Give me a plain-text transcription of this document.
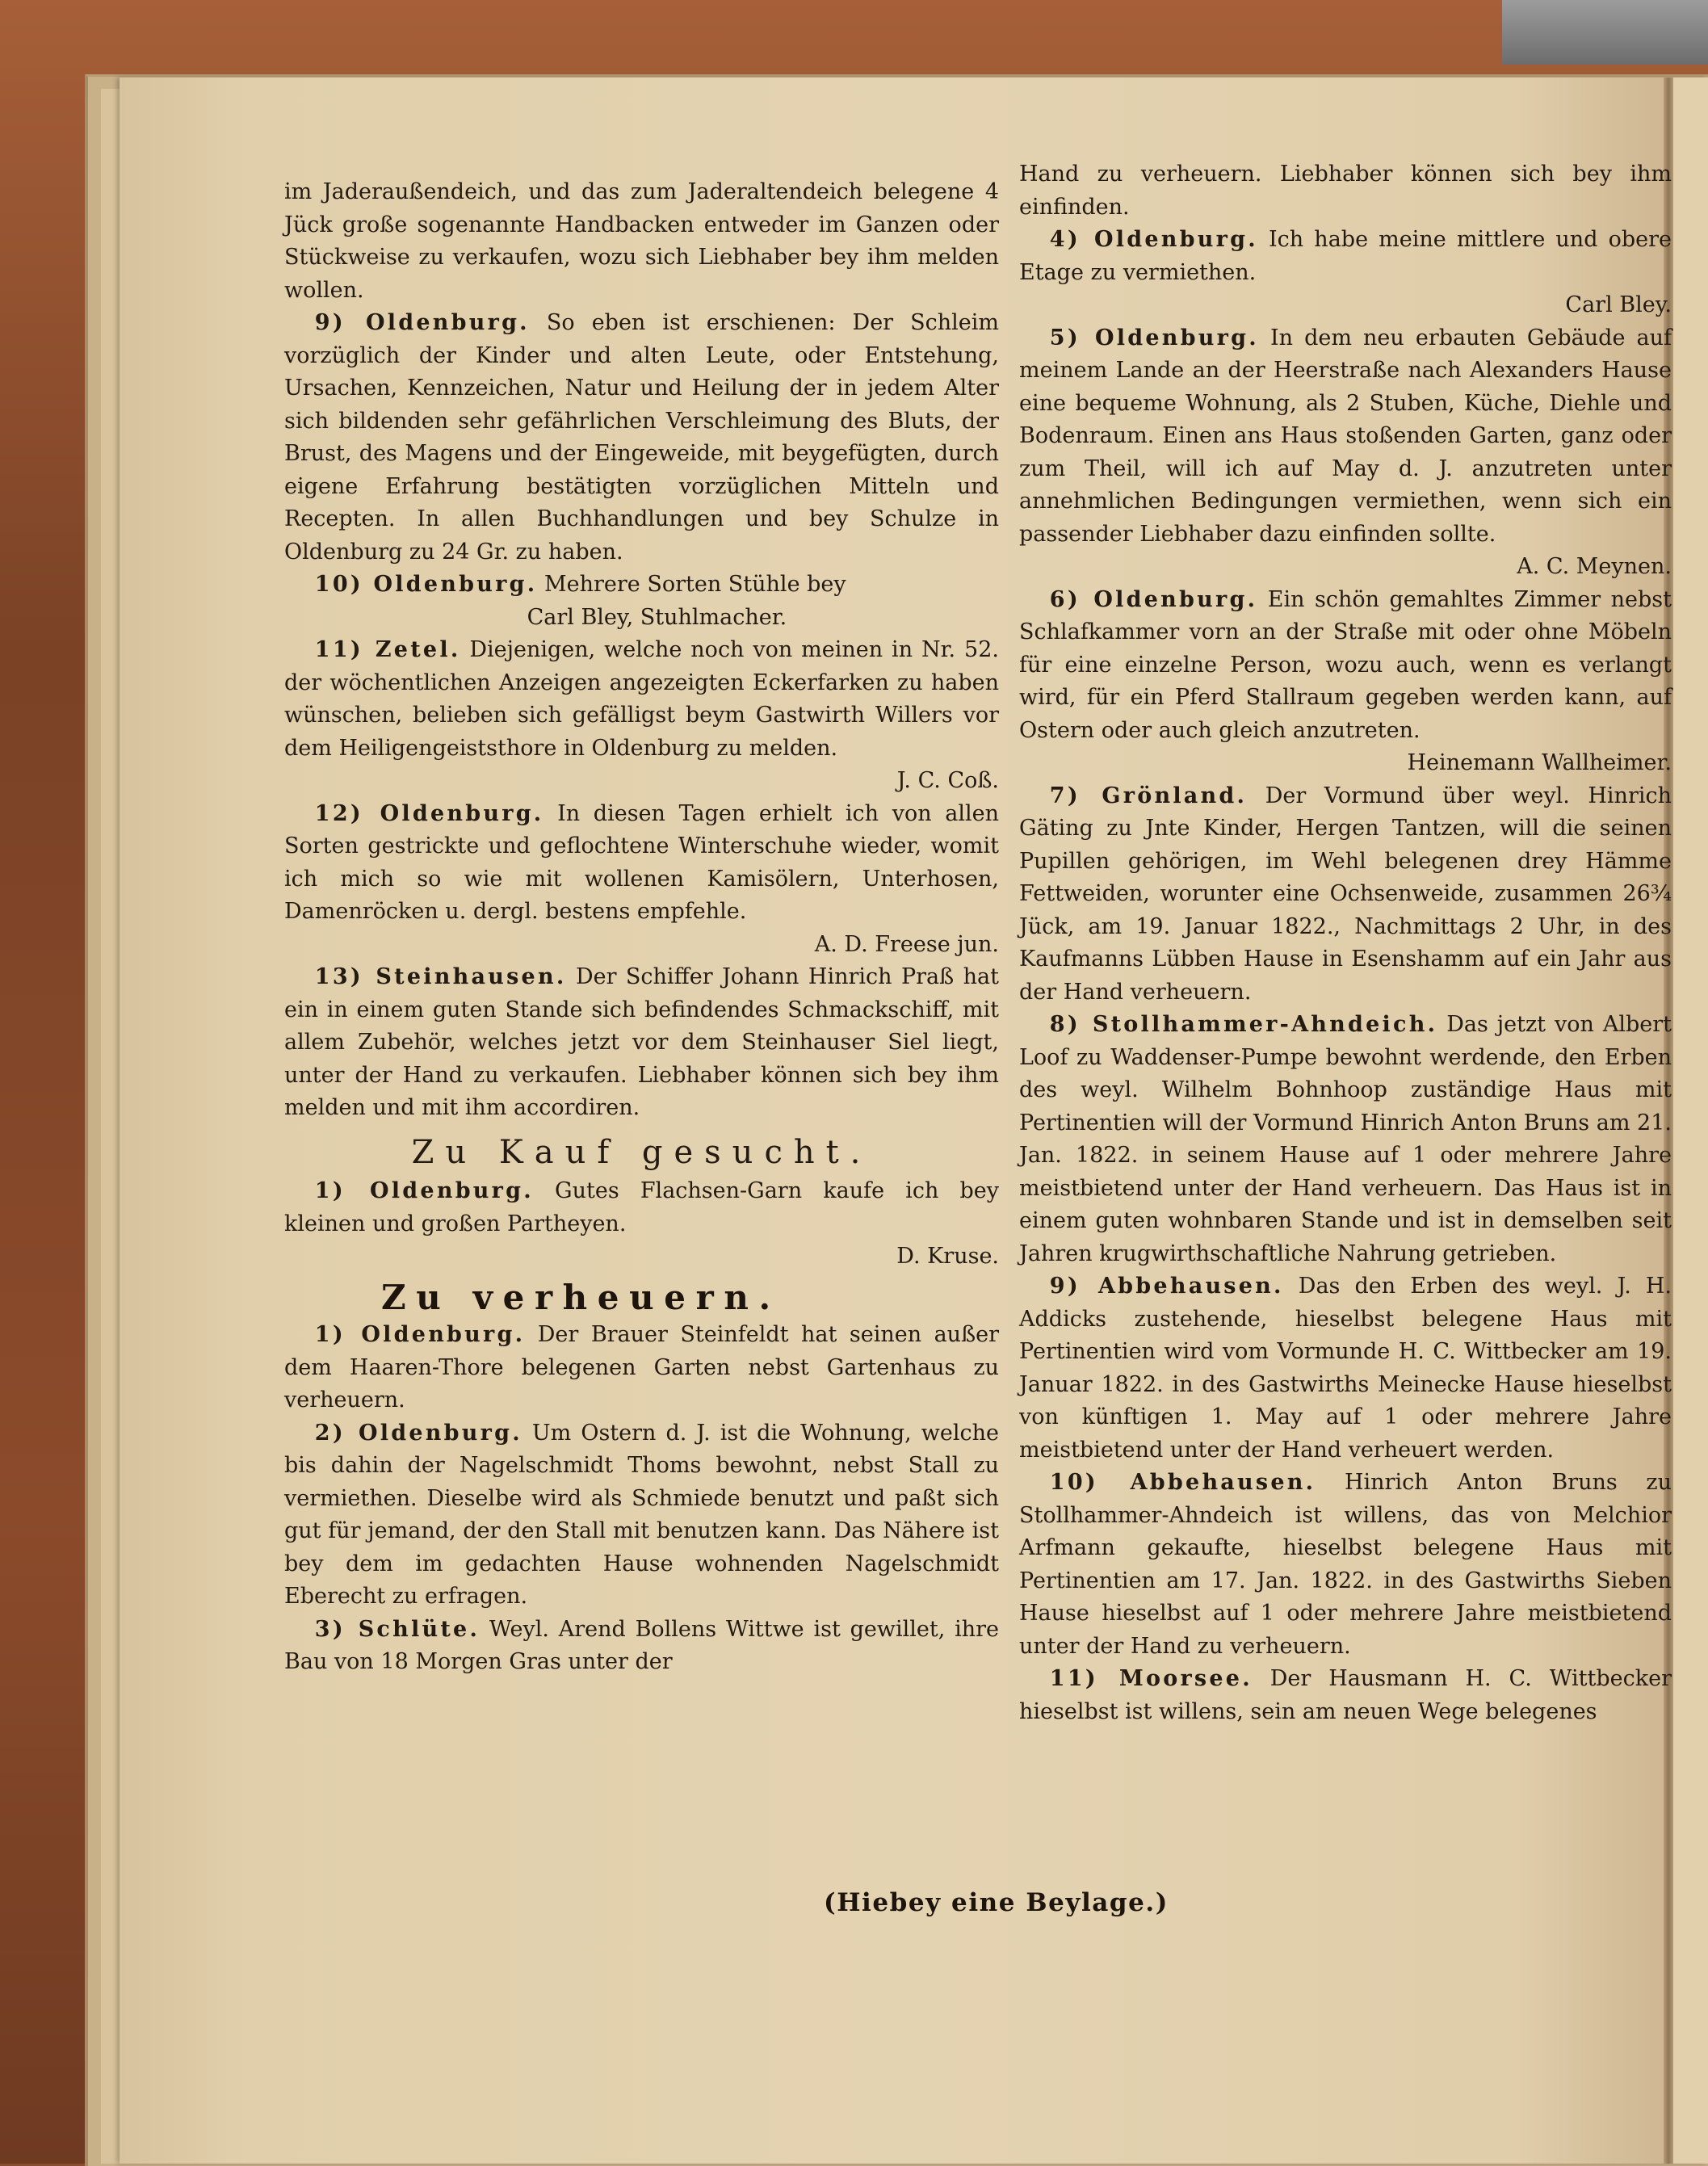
im Jaderaußendeich, und das zum Jaderaltendeich belegene 4 Jück große sogenannte Handbacken entweder im Ganzen oder Stückweise zu verkaufen, wozu sich Liebhaber bey ihm melden wollen.

9) Oldenburg. So eben ist erschienen: Der Schleim vorzüglich der Kinder und alten Leute, oder Entstehung, Ursachen, Kennzeichen, Natur und Heilung der in jedem Alter sich bildenden sehr gefährlichen Verschleimung des Bluts, der Brust, des Magens und der Eingeweide, mit beygefügten, durch eigene Erfahrung bestätigten vorzüglichen Mitteln und Recepten. In allen Buchhandlungen und bey Schulze in Oldenburg zu 24 Gr. zu haben.

10) Oldenburg. Mehrere Sorten Stühle bey
Carl Bley, Stuhlmacher.

11) Zetel. Diejenigen, welche noch von meinen in Nr. 52. der wöchentlichen Anzeigen angezeigten Eckerfarken zu haben wünschen, belieben sich gefälligst beym Gastwirth Willers vor dem Heiligengeiststhore in Oldenburg zu melden.
J. C. Coß.

12) Oldenburg. In diesen Tagen erhielt ich von allen Sorten gestrickte und geflochtene Winterschuhe wieder, womit ich mich so wie mit wollenen Kamisölern, Unterhosen, Damenröcken u. dergl. bestens empfehle.
A. D. Freese jun.

13) Steinhausen. Der Schiffer Johann Hinrich Praß hat ein in einem guten Stande sich befindendes Schmackschiff, mit allem Zubehör, welches jetzt vor dem Steinhauser Siel liegt, unter der Hand zu verkaufen. Liebhaber können sich bey ihm melden und mit ihm accordiren.

Zu Kauf gesucht.

1) Oldenburg. Gutes Flachsen-Garn kaufe ich bey kleinen und großen Partheyen.
D. Kruse.

Zu verheuern.

1) Oldenburg. Der Brauer Steinfeldt hat seinen außer dem Haaren-Thore belegenen Garten nebst Gartenhaus zu verheuern.

2) Oldenburg. Um Ostern d. J. ist die Wohnung, welche bis dahin der Nagelschmidt Thoms bewohnt, nebst Stall zu vermiethen. Dieselbe wird als Schmiede benutzt und paßt sich gut für jemand, der den Stall mit benutzen kann. Das Nähere ist bey dem im gedachten Hause wohnenden Nagelschmidt Eberecht zu erfragen.

3) Schlüte. Weyl. Arend Bollens Wittwe ist gewillet, ihre Bau von 18 Morgen Gras unter der

Hand zu verheuern. Liebhaber können sich bey ihm einfinden.

4) Oldenburg. Ich habe meine mittlere und obere Etage zu vermiethen.
Carl Bley.

5) Oldenburg. In dem neu erbauten Gebäude auf meinem Lande an der Heerstraße nach Alexanders Hause eine bequeme Wohnung, als 2 Stuben, Küche, Diehle und Bodenraum. Einen ans Haus stoßenden Garten, ganz oder zum Theil, will ich auf May d. J. anzutreten unter annehmlichen Bedingungen vermiethen, wenn sich ein passender Liebhaber dazu einfinden sollte.
A. C. Meynen.

6) Oldenburg. Ein schön gemahltes Zimmer nebst Schlafkammer vorn an der Straße mit oder ohne Möbeln für eine einzelne Person, wozu auch, wenn es verlangt wird, für ein Pferd Stallraum gegeben werden kann, auf Ostern oder auch gleich anzutreten.
Heinemann Wallheimer.

7) Grönland. Der Vormund über weyl. Hinrich Gäting zu Jnte Kinder, Hergen Tantzen, will die seinen Pupillen gehörigen, im Wehl belegenen drey Hämme Fettweiden, worunter eine Ochsenweide, zusammen 26¾ Jück, am 19. Januar 1822., Nachmittags 2 Uhr, in des Kaufmanns Lübben Hause in Esenshamm auf ein Jahr aus der Hand verheuern.

8) Stollhammer-Ahndeich. Das jetzt von Albert Loof zu Waddenser-Pumpe bewohnt werdende, den Erben des weyl. Wilhelm Bohnhoop zuständige Haus mit Pertinentien will der Vormund Hinrich Anton Bruns am 21. Jan. 1822. in seinem Hause auf 1 oder mehrere Jahre meistbietend unter der Hand verheuern. Das Haus ist in einem guten wohnbaren Stande und ist in demselben seit Jahren krugwirthschaftliche Nahrung getrieben.

9) Abbehausen. Das den Erben des weyl. J. H. Addicks zustehende, hieselbst belegene Haus mit Pertinentien wird vom Vormunde H. C. Wittbecker am 19. Januar 1822. in des Gastwirths Meinecke Hause hieselbst von künftigen 1. May auf 1 oder mehrere Jahre meistbietend unter der Hand verheuert werden.

10) Abbehausen. Hinrich Anton Bruns zu Stollhammer-Ahndeich ist willens, das von Melchior Arfmann gekaufte, hieselbst belegene Haus mit Pertinentien am 17. Jan. 1822. in des Gastwirths Sieben Hause hieselbst auf 1 oder mehrere Jahre meistbietend unter der Hand zu verheuern.

11) Moorsee. Der Hausmann H. C. Wittbecker hieselbst ist willens, sein am neuen Wege belegenes

(Hiebey eine Beylage.)
